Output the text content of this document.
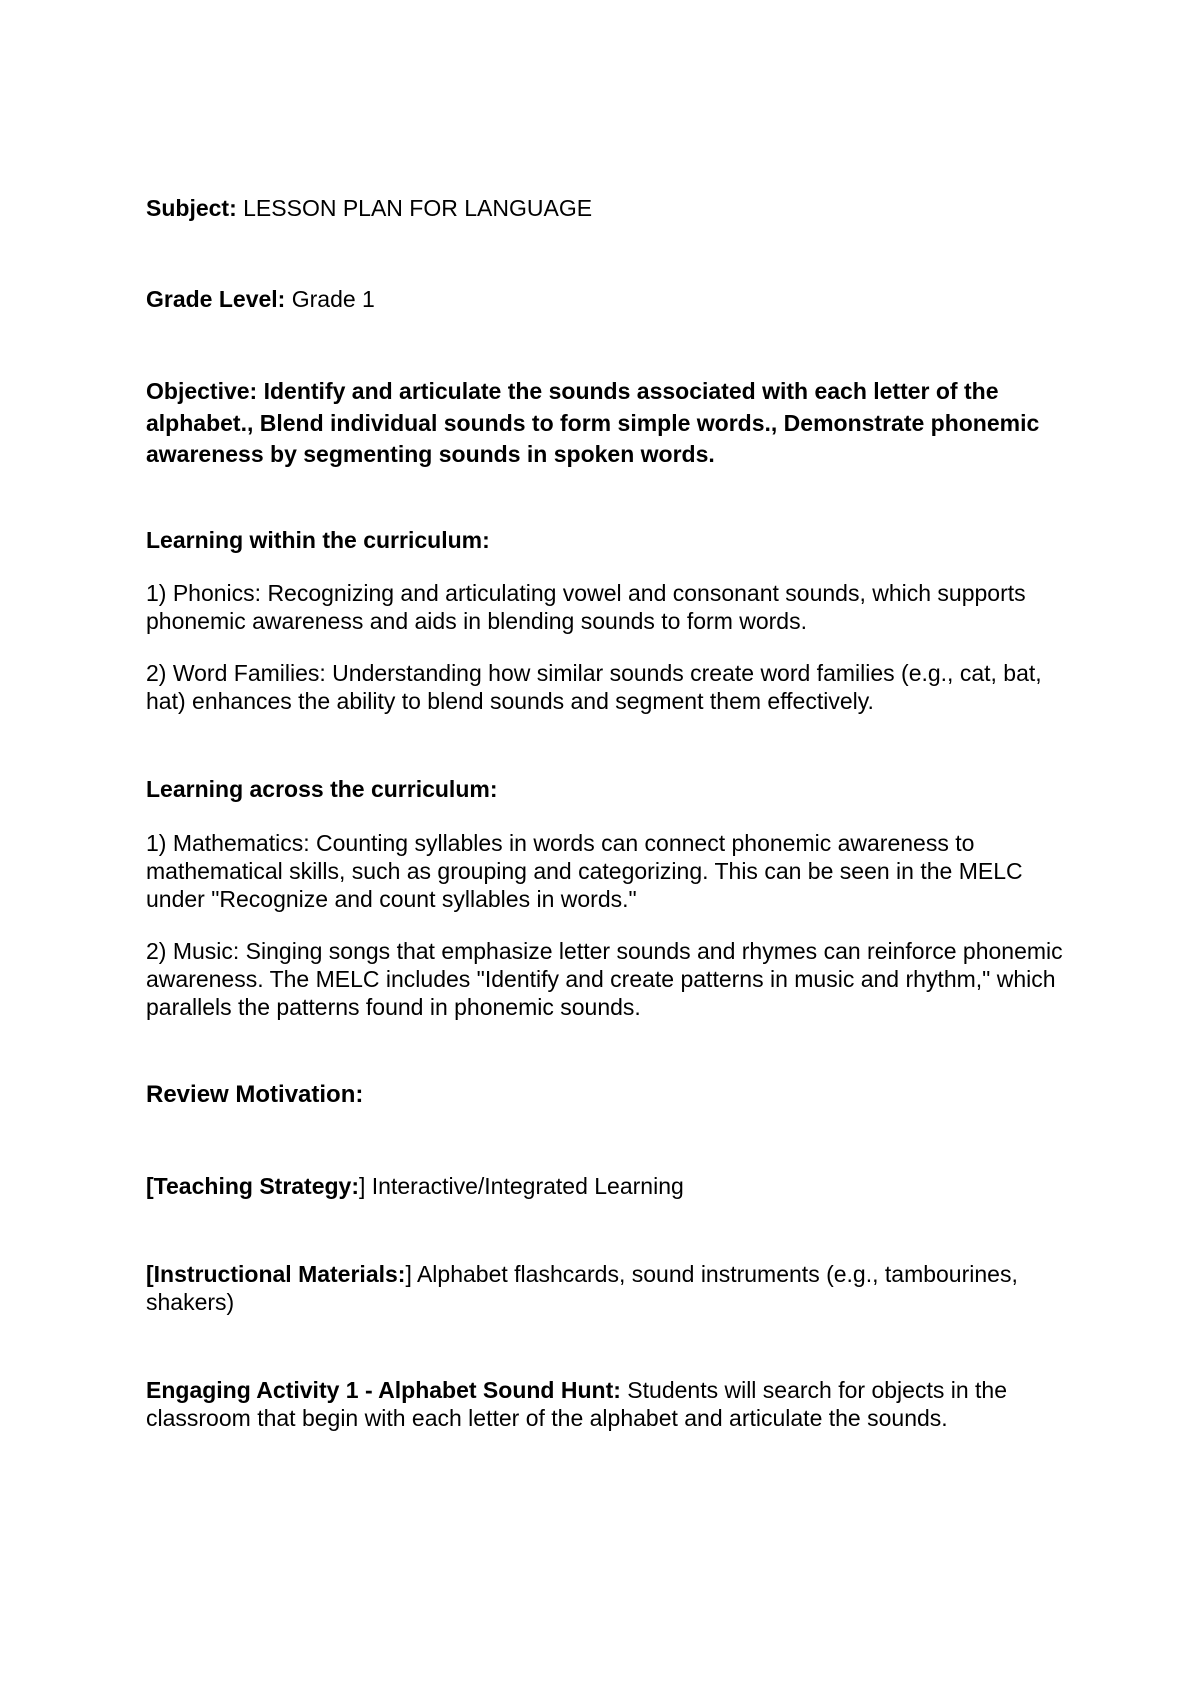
Subject: LESSON PLAN FOR LANGUAGE

Grade Level: Grade 1

Objective: Identify and articulate the sounds associated with each letter of the alphabet., Blend individual sounds to form simple words., Demonstrate phonemic awareness by segmenting sounds in spoken words.

Learning within the curriculum:

1) Phonics: Recognizing and articulating vowel and consonant sounds, which supports phonemic awareness and aids in blending sounds to form words.

2) Word Families: Understanding how similar sounds create word families (e.g., cat, bat, hat) enhances the ability to blend sounds and segment them effectively.

Learning across the curriculum:

1) Mathematics: Counting syllables in words can connect phonemic awareness to mathematical skills, such as grouping and categorizing. This can be seen in the MELC under "Recognize and count syllables in words."

2) Music: Singing songs that emphasize letter sounds and rhymes can reinforce phonemic awareness. The MELC includes "Identify and create patterns in music and rhythm," which parallels the patterns found in phonemic sounds.

Review Motivation:

[Teaching Strategy:] Interactive/Integrated Learning

[Instructional Materials:] Alphabet flashcards, sound instruments (e.g., tambourines, shakers)

Engaging Activity 1 - Alphabet Sound Hunt: Students will search for objects in the classroom that begin with each letter of the alphabet and articulate the sounds.
